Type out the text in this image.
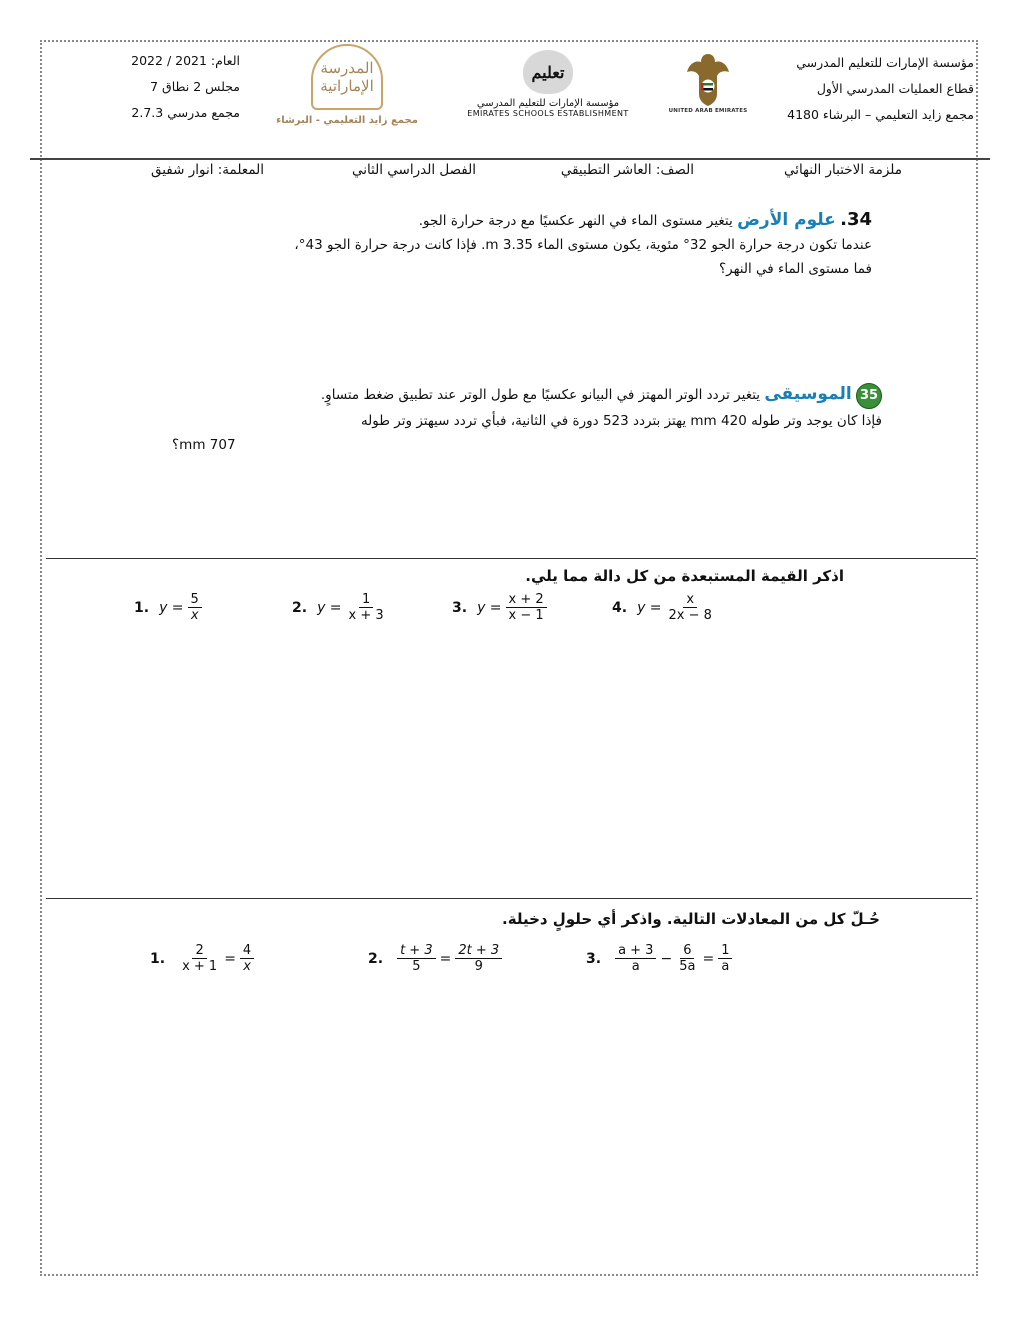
مؤسسة الإمارات للتعليم المدرسي
قطاع العمليات المدرسي الأول
مجمع زايد التعليمي – البرشاء 4180
العام: 2021 / 2022
مجلس 2 نطاق 7
مجمع مدرسي 2.7.3	UNITED ARAB EMIRATES
تعليم
مؤسسة الإمارات للتعليم المدرسي
EMIRATES SCHOOLS ESTABLISHMENT
المدرسة الإماراتية
مجمع زايد التعليمي - البرشاء
ملزمة الاختبار النهائي
الصف: العاشر التطبيقي
الفصل الدراسي الثاني
المعلمة: انوار شفيق
34. علوم الأرض يتغير مستوى الماء في النهر عكسيًا مع درجة حرارة الجو.
عندما تكون درجة حرارة الجو 32° مئوية، يكون مستوى الماء 3.35 m. فإذا كانت درجة حرارة الجو 43°،
فما مستوى الماء في النهر؟
35 الموسيقى يتغير تردد الوتر المهتز في البيانو عكسيًا مع طول الوتر عند تطبيق ضغط متساوٍ.
فإذا كان يوجد وتر طوله 420 mm يهتز بتردد 523 دورة في الثانية، فبأي تردد سيهتز وتر طوله
707 mm؟
اذكر القيمة المستبعدة من كل دالة مما يلي.
1. $y = \frac{5}{x}$	2. $y = \frac{1}{x + 3}$	3. $y = \frac{x + 2}{x - 1}$	4. $y = \frac{x}{2x - 8}$
حُـلّ كل من المعادلات التالية. واذكر أي حلولٍ دخيلة.
1. $\frac{2}{x + 1} = \frac{4}{x}$	2. $\frac{t + 3}{5} = \frac{2t + 3}{9}$	3. $\frac{a + 3}{a} - \frac{6}{5a} = \frac{1}{a}$
